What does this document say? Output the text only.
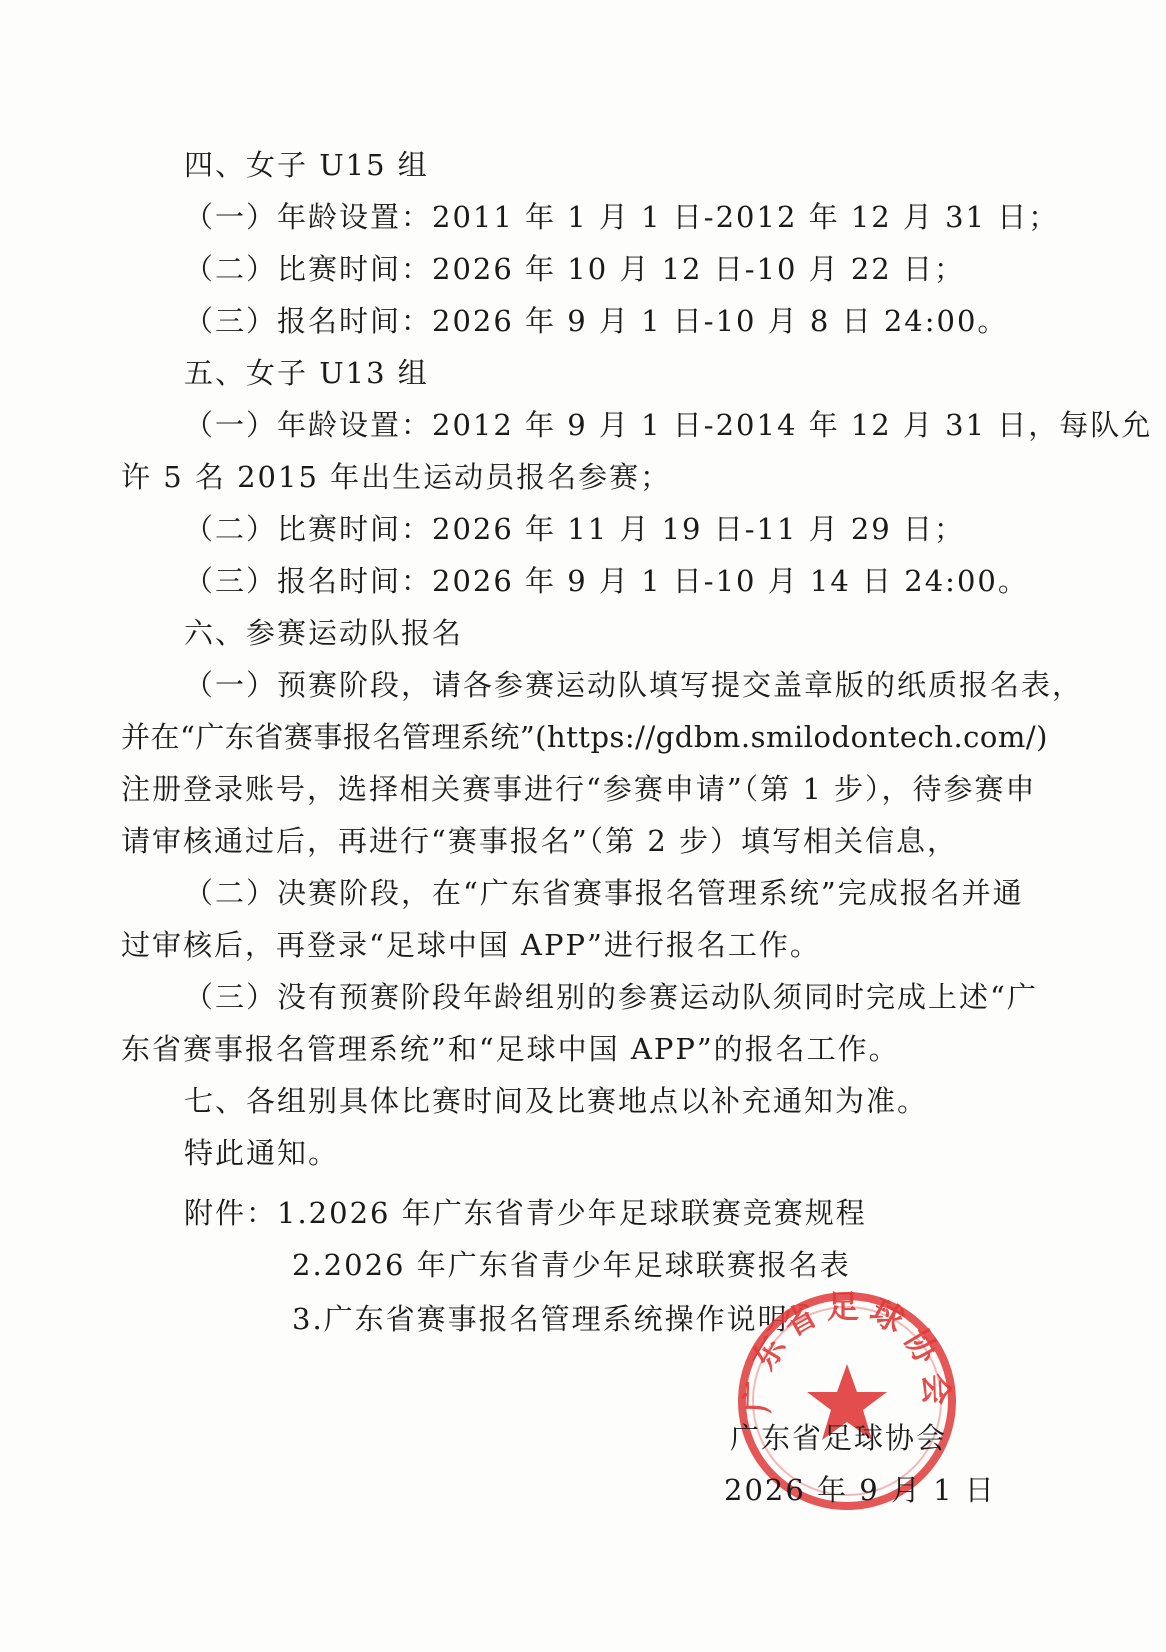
四、女子 U15 组
（一）年龄设置：2011 年 1 月 1 日-2012 年 12 月 31 日；
（二）比赛时间：2026 年 10 月 12 日-10 月 22 日；
（三）报名时间：2026 年 9 月 1 日-10 月 8 日 24:00。
五、女子 U13 组
（一）年龄设置：2012 年 9 月 1 日-2014 年 12 月 31 日，每队允
许 5 名 2015 年出生运动员报名参赛；
（二）比赛时间：2026 年 11 月 19 日-11 月 29 日；
（三）报名时间：2026 年 9 月 1 日-10 月 14 日 24:00。
六、参赛运动队报名
（一）预赛阶段，请各参赛运动队填写提交盖章版的纸质报名表，
并在“广东省赛事报名管理系统”(https://gdbm.smilodontech.com/)
注册登录账号，选择相关赛事进行“参赛申请”（第 1 步），待参赛申
请审核通过后，再进行“赛事报名”（第 2 步）填写相关信息，
（二）决赛阶段，在“广东省赛事报名管理系统”完成报名并通
过审核后，再登录“足球中国 APP”进行报名工作。
（三）没有预赛阶段年龄组别的参赛运动队须同时完成上述“广
东省赛事报名管理系统”和“足球中国 APP”的报名工作。
七、各组别具体比赛时间及比赛地点以补充通知为准。
特此通知。
附件：1.2026 年广东省青少年足球联赛竞赛规程
2.2026 年广东省青少年足球联赛报名表
3.广东省赛事报名管理系统操作说明
广东省足球协会
广东省足球协会
2026 年 9 月 1 日
